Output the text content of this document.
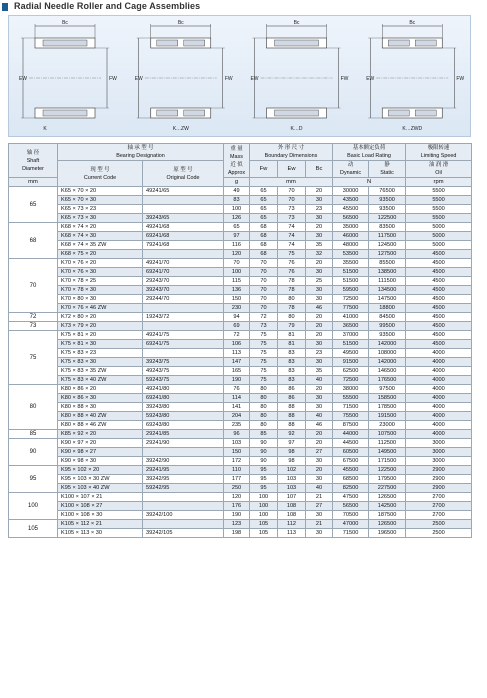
Radial Needle Roller and Cage Assemblies
Bc
EW	FW
K
Bc
EW	FW
K…ZW
Bc
EW	FW
K…D
Bc
EW	FW
K…ZWD
轴 径
Shaft
Diameter	轴 承 型 号
Bearing Designation		重 量
Mass
近 似
Approx	外 形 尺 寸
Boundary Dimensions			基本额定负荷
Basic Load Rating		极限转速
Limiting Speed

	现 型 号
Current Code	原 型 号
Original Code		Fw	Ew	Bc	动
Dynamic	静
Static	油 润 滑
Oil

mm			g	mm			N		rpm
65	K65 × 70 × 20	49241/65	49	65	70	20	30000	76500	5500
	K65 × 70 × 30		83	65	70	30	43500	93500	5500
	K65 × 73 × 23		100	65	73	23	45500	93500	5500
	K65 × 73 × 30	39243/65	126	65	73	30	56500	122500	5500
68	K68 × 74 × 20	49241/68	65	68	74	20	35000	83500	5000
	K68 × 74 × 30	69241/68	97	68	74	30	46000	117500	5000
	K68 × 74 × 35 ZW	79241/68	116	68	74	35	48000	124500	5000
	K68 × 75 × 20		120	68	75	32	53500	127500	4500
70	K70 × 76 × 20	49241/70	70	70	76	20	35500	85500	4500
	K70 × 76 × 30	69241/70	100	70	76	30	51500	138500	4500
	K70 × 78 × 25	29243/70	115	70	78	25	51500	111500	4500
	K70 × 78 × 30	39243/70	136	70	78	30	59500	134500	4500
	K70 × 80 × 30	29244/70	150	70	80	30	72500	147500	4500
	K70 × 76 × 46 ZW		230	70	78	46	77500	18800	4500
72	K72 × 80 × 20	19243/72	94	72	80	20	41000	84500	4500
73	K73 × 79 × 20		69	73	79	20	36500	99500	4500
75	K75 × 81 × 20	49241/75	72	75	81	20	37000	93500	4500
	K75 × 81 × 30	69241/75	106	75	81	30	51500	142000	4500
	K75 × 83 × 23		113	75	83	23	49500	108000	4000
	K75 × 83 × 30	39243/75	147	75	83	30	91500	142000	4000
	K75 × 83 × 35 ZW	49243/75	165	75	83	35	62500	146500	4000
	K75 × 83 × 40 ZW	59243/75	190	75	83	40	72500	176500	4000
80	K80 × 86 × 20	49241/80	76	80	86	20	38000	97500	4000
	K80 × 86 × 30	69241/80	114	80	86	30	55500	158500	4000
	K80 × 88 × 30	39243/80	141	80	88	30	71500	178500	4000
	K80 × 88 × 40 ZW	59243/80	204	80	88	40	75500	191500	4000
	K80 × 88 × 46 ZW	69243/80	235	80	88	46	87500	23000	4000
85	K85 × 92 × 20	29241/85	96	85	92	20	44000	107500	4000
90	K90 × 97 × 20	29241/90	103	90	97	20	44500	112500	3000
	K90 × 98 × 27		150	90	98	27	60500	149500	3000
	K90 × 98 × 30	39242/90	172	90	98	30	67500	171500	3000
95	K95 × 102 × 20	29241/95	110	95	102	20	45500	122500	2900
	K95 × 103 × 30 ZW	39242/95	177	95	103	30	68500	179500	2900
	K95 × 103 × 40 ZW	59242/95	250	95	103	40	82500	227500	2900
100	K100 × 107 × 21		120	100	107	21	47500	126500	2700
	K100 × 108 × 27		176	100	108	27	56500	142500	2700
	K100 × 108 × 30	39242/100	190	100	108	30	70500	187500	2700
105	K105 × 112 × 21		123	105	112	21	47000	126500	2500
	K105 × 113 × 30	39242/105	198	105	113	30	71500	196500	2500
